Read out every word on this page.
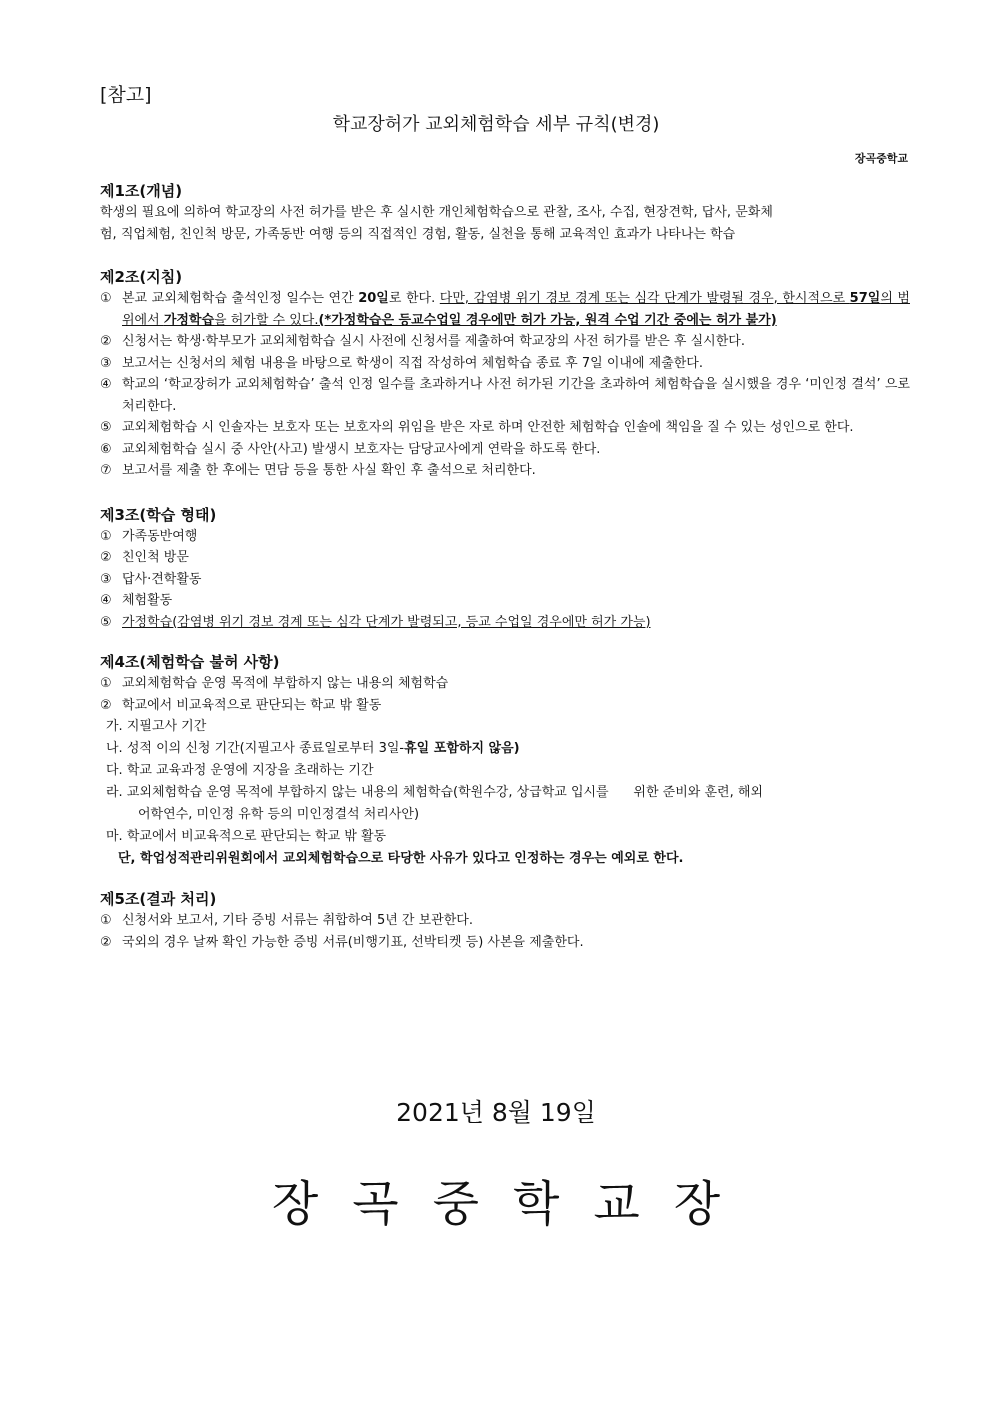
[참고]
학교장허가 교외체험학습 세부 규칙(변경)
장곡중학교

제1조(개념)

학생의 필요에 의하여 학교장의 사전 허가를 받은 후 실시한 개인체험학습으로 관찰, 조사, 수집, 현장견학, 답사, 문화체

험, 직업체험, 친인척 방문, 가족동반 여행 등의 직접적인 경험, 활동, 실천을 통해 교육적인 효과가 나타나는 학습

제2조(지침)

① 본교 교외체험학습 출석인정 일수는 연간 20일로 한다. 다만, 감염병 위기 경보 경계 또는 심각 단계가 발령될 경우, 한시적으로 57일의 범위에서 가정학습을 허가할 수 있다.(*가정학습은 등교수업일 경우에만 허가 가능, 원격 수업 기간 중에는 허가 불가)
② 신청서는 학생·학부모가 교외체험학습 실시 사전에 신청서를 제출하여 학교장의 사전 허가를 받은 후 실시한다.
③ 보고서는 신청서의 체험 내용을 바탕으로 학생이 직접 작성하여 체험학습 종료 후 7일 이내에 제출한다.
④ 학교의 ‘학교장허가 교외체험학습’ 출석 인정 일수를 초과하거나 사전 허가된 기간을 초과하여 체험학습을 실시했을 경우 ‘미인정 결석’ 으로 처리한다.
⑤ 교외체험학습 시 인솔자는 보호자 또는 보호자의 위임을 받은 자로 하며 안전한 체험학습 인솔에 책임을 질 수 있는 성인으로 한다.
⑥ 교외체험학습 실시 중 사안(사고) 발생시 보호자는 담당교사에게 연락을 하도록 한다.
⑦ 보고서를 제출 한 후에는 면담 등을 통한 사실 확인 후 출석으로 처리한다.

제3조(학습 형태)

① 가족동반여행
② 친인척 방문
③ 답사·견학활동
④ 체험활동
⑤ 가정학습(감염병 위기 경보 경계 또는 심각 단계가 발령되고, 등교 수업일 경우에만 허가 가능)

제4조(체험학습 불허 사항)

① 교외체험학습 운영 목적에 부합하지 않는 내용의 체험학습
② 학교에서 비교육적으로 판단되는 학교 밖 활동

가. 지필고사 기간

나. 성적 이의 신청 기간(지필고사 종료일로부터 3일-휴일 포함하지 않음)

다. 학교 교육과정 운영에 지장을 초래하는 기간

라. 교외체험학습 운영 목적에 부합하지 않는 내용의 체험학습(학원수강, 상급학교 입시를      위한 준비와 훈련, 해외

어학연수, 미인정 유학 등의 미인정결석 처리사안)

마. 학교에서 비교육적으로 판단되는 학교 밖 활동

단, 학업성적관리위원회에서 교외체험학습으로 타당한 사유가 있다고 인정하는 경우는 예외로 한다.

제5조(결과 처리)

① 신청서와 보고서, 기타 증빙 서류는 취합하여 5년 간 보관한다.
② 국외의 경우 날짜 확인 가능한 증빙 서류(비행기표, 선박티켓 등) 사본을 제출한다.
2021년 8월 19일
장곡중학교장
